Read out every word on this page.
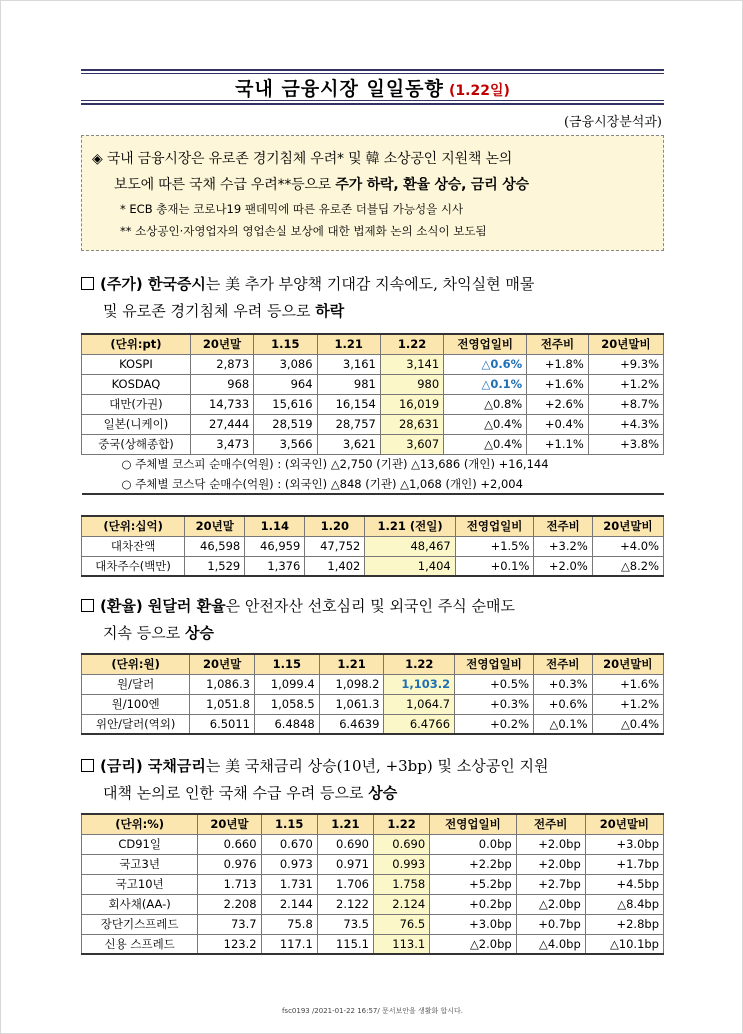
국내 금융시장 일일동향 (1.22일)
(금융시장분석과)
◈ 국내 금융시장은 유로존 경기침체 우려* 및 韓 소상공인 지원책 논의
보도에 따른 국채 수급 우려**등으로 주가 하락, 환율 상승, 금리 상승
* ECB 총재는 코로나19 팬데믹에 따른 유로존 더블딥 가능성을 시사
** 소상공인·자영업자의 영업손실 보상에 대한 법제화 논의 소식이 보도됨
(주가) 한국증시는 美 추가 부양책 기대감 지속에도, 차익실현 매물
및 유로존 경기침체 우려 등으로 하락
(단위:pt)	20년말	1.15	1.21	1.22	전영업일비	전주비	20년말비
KOSPI	2,873	3,086	3,161	3,141	△0.6%	+1.8%	+9.3%
KOSDAQ	968	964	981	980	△0.1%	+1.6%	+1.2%
대만(가권)	14,733	15,616	16,154	16,019	△0.8%	+2.6%	+8.7%
일본(니케이)	27,444	28,519	28,757	28,631	△0.4%	+0.4%	+4.3%
중국(상해종합)	3,473	3,566	3,621	3,607	△0.4%	+1.1%	+3.8%
○ 주체별 코스피 순매수(억원) : (외국인) △2,750 (기관) △13,686 (개인) +16,144							
○ 주체별 코스닥 순매수(억원) : (외국인) △848 (기관) △1,068 (개인) +2,004							
(단위:십억)	20년말	1.14	1.20	1.21 (전일)	전영업일비	전주비	20년말비
대차잔액	46,598	46,959	47,752	48,467	+1.5%	+3.2%	+4.0%
대차주수(백만)	1,529	1,376	1,402	1,404	+0.1%	+2.0%	△8.2%
(환율) 원달러 환율은 안전자산 선호심리 및 외국인 주식 순매도
지속 등으로 상승
(단위:원)	20년말	1.15	1.21	1.22	전영업일비	전주비	20년말비
원/달러	1,086.3	1,099.4	1,098.2	1,103.2	+0.5%	+0.3%	+1.6%
원/100엔	1,051.8	1,058.5	1,061.3	1,064.7	+0.3%	+0.6%	+1.2%
위안/달러(역외)	6.5011	6.4848	6.4639	6.4766	+0.2%	△0.1%	△0.4%
(금리) 국채금리는 美 국채금리 상승(10년, +3bp) 및 소상공인 지원
대책 논의로 인한 국채 수급 우려 등으로 상승
(단위:%)	20년말	1.15	1.21	1.22	전영업일비	전주비	20년말비
CD91일	0.660	0.670	0.690	0.690	0.0bp	+2.0bp	+3.0bp
국고3년	0.976	0.973	0.971	0.993	+2.2bp	+2.0bp	+1.7bp
국고10년	1.713	1.731	1.706	1.758	+5.2bp	+2.7bp	+4.5bp
회사채(AA-)	2.208	2.144	2.122	2.124	+0.2bp	△2.0bp	△8.4bp
장단기스프레드	73.7	75.8	73.5	76.5	+3.0bp	+0.7bp	+2.8bp
신용 스프레드	123.2	117.1	115.1	113.1	△2.0bp	△4.0bp	△10.1bp
fsc0193 /2021-01-22 16:57/ 문서보안을 생활화 합시다.
